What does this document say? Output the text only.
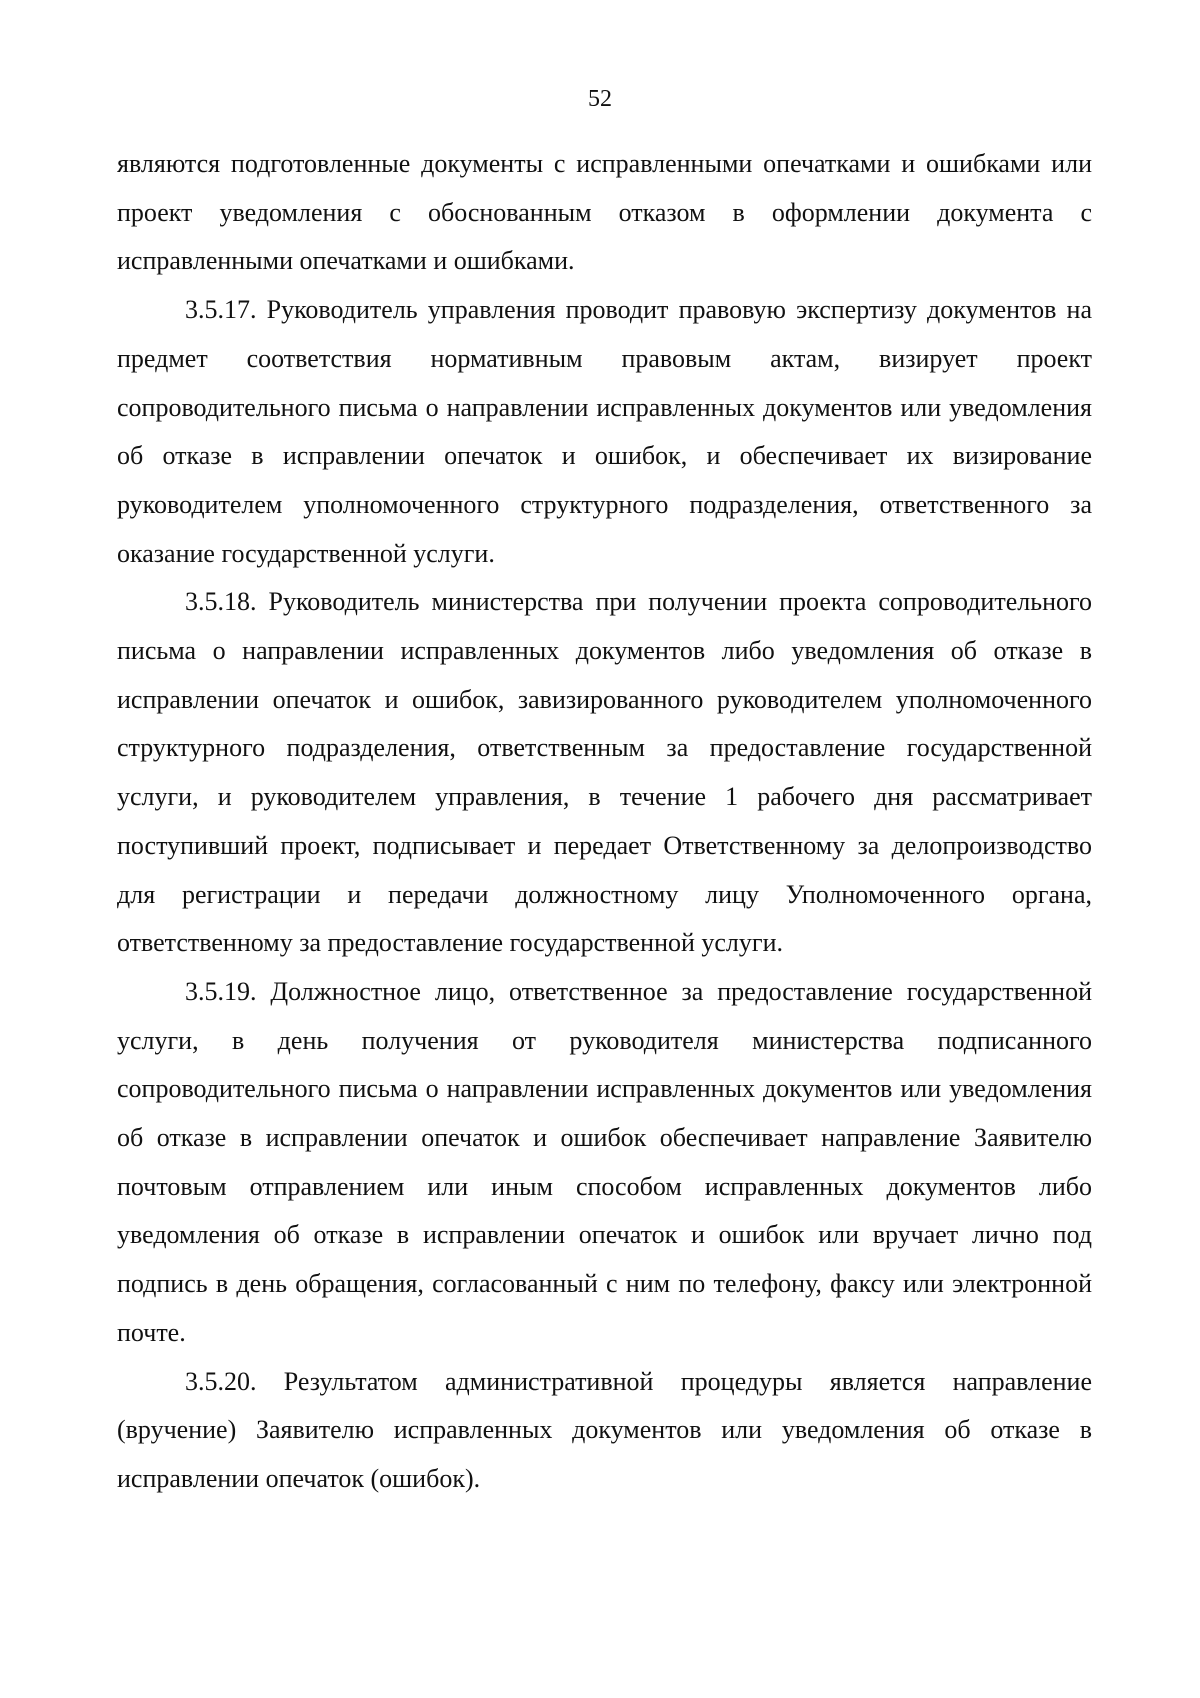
52

являются подготовленные документы с исправленными опечатками и ошибками или проект уведомления с обоснованным отказом в оформлении документа с исправленными опечатками и ошибками.

3.5.17. Руководитель управления проводит правовую экспертизу документов на предмет соответствия нормативным правовым актам, визирует проект сопроводительного письма о направлении исправленных документов или уведомления об отказе в исправлении опечаток и ошибок, и обеспечивает их визирование руководителем уполномоченного структурного подразделения, ответственного за оказание государственной услуги.

3.5.18. Руководитель министерства при получении проекта сопроводительного письма о направлении исправленных документов либо уведомления об отказе в исправлении опечаток и ошибок, завизированного руководителем уполномоченного структурного подразделения, ответственным за предоставление государственной услуги, и руководителем управления, в течение 1 рабочего дня рассматривает поступивший проект, подписывает и передает Ответственному за делопроизводство для регистрации и передачи должностному лицу Уполномоченного органа, ответственному за предоставление государственной услуги.

3.5.19. Должностное лицо, ответственное за предоставление государственной услуги, в день получения от руководителя министерства подписанного сопроводительного письма о направлении исправленных документов или уведомления об отказе в исправлении опечаток и ошибок обеспечивает направление Заявителю почтовым отправлением или иным способом исправленных документов либо уведомления об отказе в исправлении опечаток и ошибок или вручает лично под подпись в день обращения, согласованный с ним по телефону, факсу или электронной почте.

3.5.20. Результатом административной процедуры является направление (вручение) Заявителю исправленных документов или уведомления об отказе в исправлении опечаток (ошибок).
